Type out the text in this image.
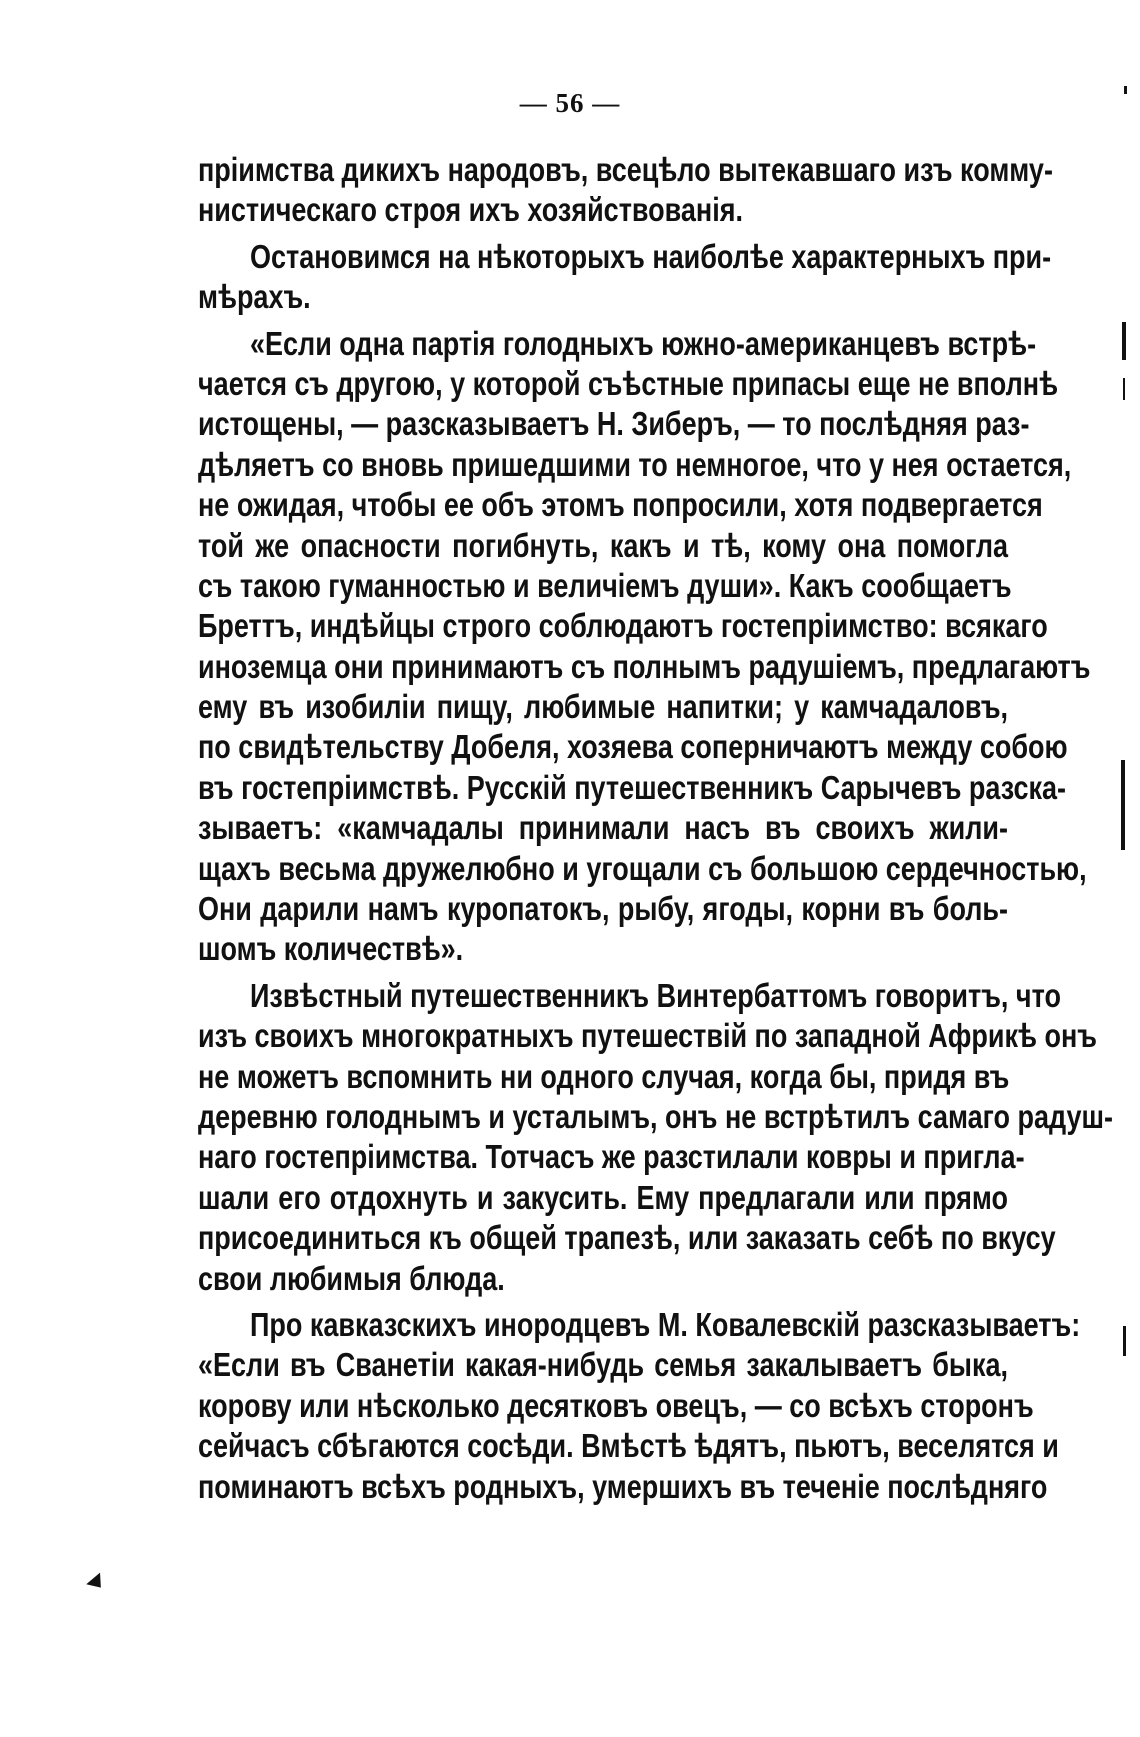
— 56 —
пріимства дикихъ народовъ, всецѣло вытекавшаго изъ комму-
нистическаго строя ихъ хозяйствованія.
Остановимся на нѣкоторыхъ наиболѣе характерныхъ при-
мѣрахъ.
«Если одна партія голодныхъ южно-американцевъ встрѣ-
чается съ другою, у которой съѣстные припасы еще не вполнѣ
истощены, — разсказываетъ Н. Зиберъ, — то послѣдняя раз-
дѣляетъ со вновь пришедшими то немногое, что у нея остается,
не ожидая, чтобы ее объ этомъ попросили, хотя подвергается
той же опасности погибнуть, какъ и тѣ, кому она помогла
съ такою гуманностью и величіемъ души». Какъ сообщаетъ
Бреттъ, индѣйцы строго соблюдаютъ гостепріимство: всякаго
иноземца они принимаютъ съ полнымъ радушіемъ, предлагаютъ
ему въ изобиліи пищу, любимые напитки; у камчадаловъ,
по свидѣтельству Добеля, хозяева соперничаютъ между собою
въ гостепріимствѣ. Русскій путешественникъ Сарычевъ разска-
зываетъ: «камчадалы принимали насъ въ своихъ жили-
щахъ весьма дружелюбно и угощали съ большою сердечностью,
Они дарили намъ куропатокъ, рыбу, ягоды, корни въ боль-
шомъ количествѣ».
Извѣстный путешественникъ Винтербаттомъ говоритъ, что
изъ своихъ многократныхъ путешествій по западной Африкѣ онъ
не можетъ вспомнить ни одного случая, когда бы, придя въ
деревню голоднымъ и усталымъ, онъ не встрѣтилъ самаго радуш-
наго гостепріимства. Тотчасъ же разстилали ковры и пригла-
шали его отдохнуть и закусить. Ему предлагали или прямо
присоединиться къ общей трапезѣ, или заказать себѣ по вкусу
свои любимыя блюда.
Про кавказскихъ инородцевъ М. Ковалевскій разсказываетъ:
«Если въ Сванетіи какая-нибудь семья закалываетъ быка,
корову или нѣсколько десятковъ овецъ, — со всѣхъ сторонъ
сейчасъ сбѣгаются сосѣди. Вмѣстѣ ѣдятъ, пьютъ, веселятся и
поминаютъ всѣхъ родныхъ, умершихъ въ теченіе послѣдняго
